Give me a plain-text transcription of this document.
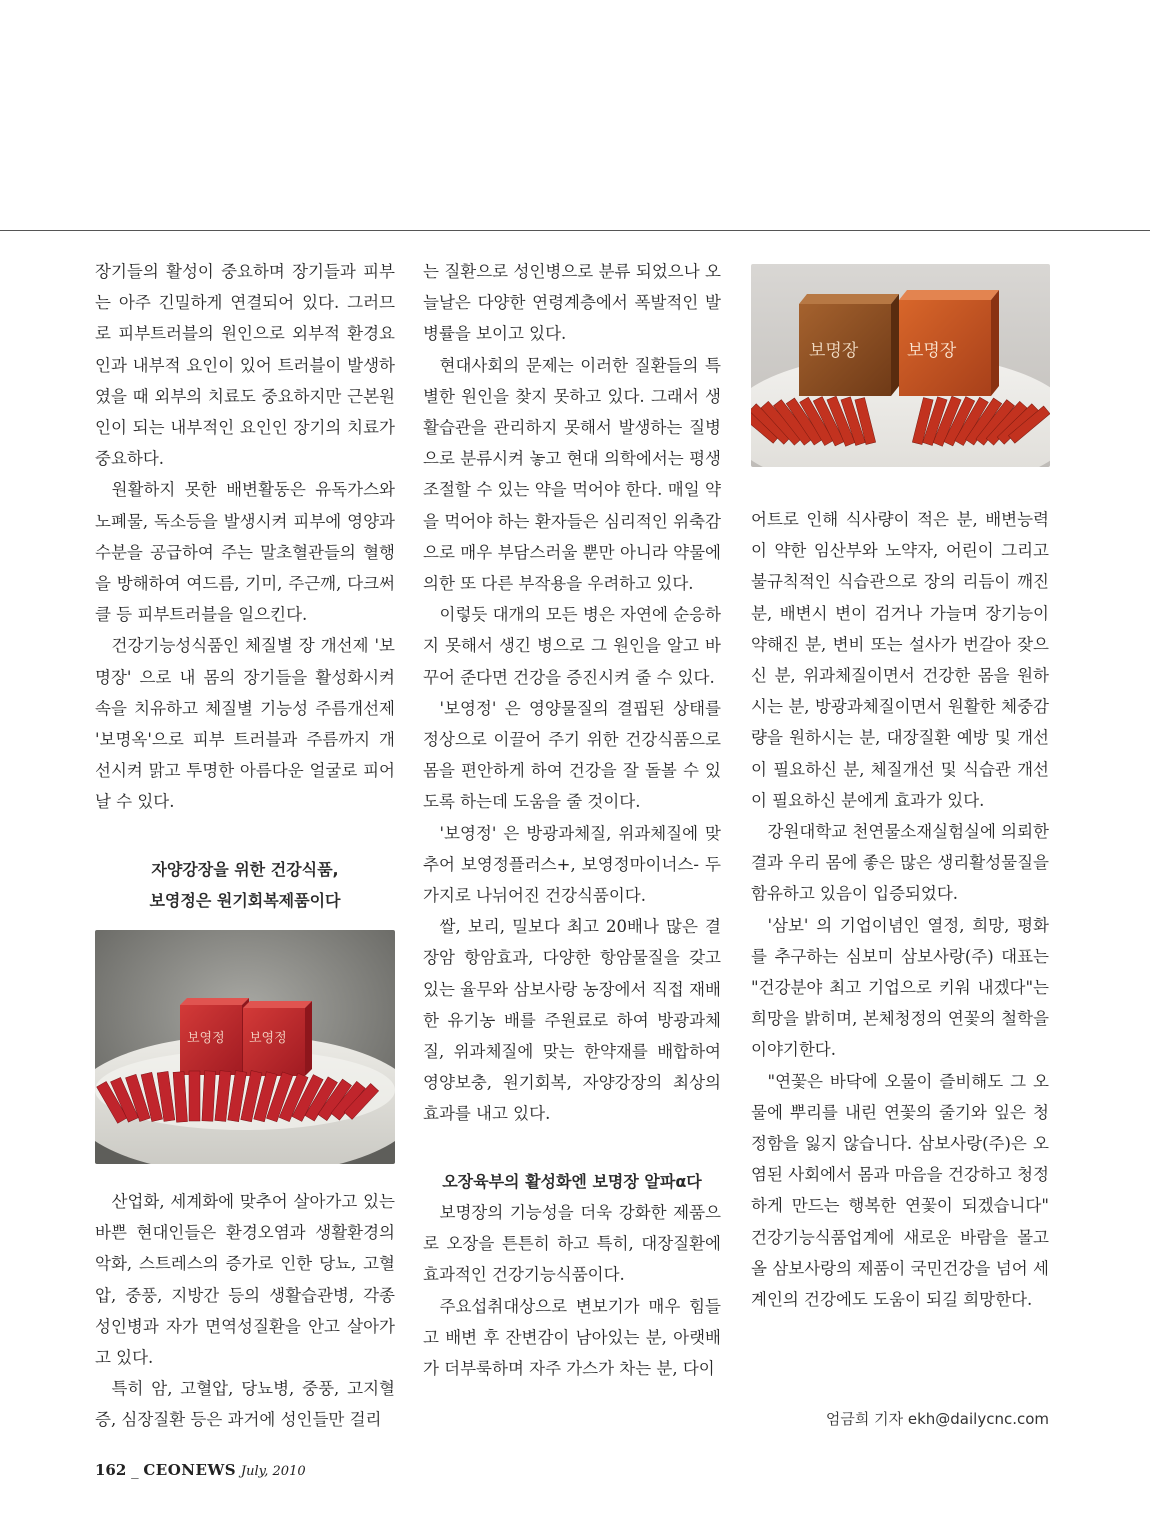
장기들의 활성이 중요하며 장기들과 피부는 아주 긴밀하게 연결되어 있다. 그러므로 피부트러블의 원인으로 외부적 환경요인과 내부적 요인이 있어 트러블이 발생하였을 때 외부의 치료도 중요하지만 근본원인이 되는 내부적인 요인인 장기의 치료가 중요하다.

원활하지 못한 배변활동은 유독가스와 노폐물, 독소등을 발생시켜 피부에 영양과 수분을 공급하여 주는 말초혈관들의 혈행을 방해하여 여드름, 기미, 주근깨, 다크써클 등 피부트러블을 일으킨다.

건강기능성식품인 체질별 장 개선제 '보명장' 으로 내 몸의 장기들을 활성화시켜 속을 치유하고 체질별 기능성 주름개선제 '보명옥'으로 피부 트러블과 주름까지 개선시켜 맑고 투명한 아름다운 얼굴로 피어날 수 있다.

자양강장을 위한 건강식품,

보영정은 원기회복제품이다

보영정 보영정

산업화, 세계화에 맞추어 살아가고 있는 바쁜 현대인들은 환경오염과 생활환경의 악화, 스트레스의 증가로 인한 당뇨, 고혈압, 중풍, 지방간 등의 생활습관병, 각종 성인병과 자가 면역성질환을 안고 살아가고 있다.

특히 암, 고혈압, 당뇨병, 중풍, 고지혈증, 심장질환 등은 과거에 성인들만 걸리

는 질환으로 성인병으로 분류 되었으나 오늘날은 다양한 연령계층에서 폭발적인 발병률을 보이고 있다.

현대사회의 문제는 이러한 질환들의 특별한 원인을 찾지 못하고 있다. 그래서 생활습관을 관리하지 못해서 발생하는 질병으로 분류시켜 놓고 현대 의학에서는 평생 조절할 수 있는 약을 먹어야 한다. 매일 약을 먹어야 하는 환자들은 심리적인 위축감으로 매우 부담스러울 뿐만 아니라 약물에 의한 또 다른 부작용을 우려하고 있다.

이렇듯 대개의 모든 병은 자연에 순응하지 못해서 생긴 병으로 그 원인을 알고 바꾸어 준다면 건강을 증진시켜 줄 수 있다.

'보영정' 은 영양물질의 결핍된 상태를 정상으로 이끌어 주기 위한 건강식품으로 몸을 편안하게 하여 건강을 잘 돌볼 수 있도록 하는데 도움을 줄 것이다.

'보영정' 은 방광과체질, 위과체질에 맞추어 보영정플러스+, 보영정마이너스- 두가지로 나뉘어진 건강식품이다.

쌀, 보리, 밀보다 최고 20배나 많은 결장암 항암효과, 다양한 항암물질을 갖고 있는 율무와 삼보사랑 농장에서 직접 재배한 유기농 배를 주원료로 하여 방광과체질, 위과체질에 맞는 한약재를 배합하여 영양보충, 원기회복, 자양강장의 최상의 효과를 내고 있다.

오장육부의 활성화엔 보명장 알파α다

보명장의 기능성을 더욱 강화한 제품으로 오장을 튼튼히 하고 특히, 대장질환에 효과적인 건강기능식품이다.

주요섭취대상으로 변보기가 매우 힘들고 배변 후 잔변감이 남아있는 분, 아랫배가 더부룩하며 자주 가스가 차는 분, 다이

보명장	보명장

어트로 인해 식사량이 적은 분, 배변능력이 약한 임산부와 노약자, 어린이 그리고 불규칙적인 식습관으로 장의 리듬이 깨진 분, 배변시 변이 검거나 가늘며 장기능이 약해진 분, 변비 또는 설사가 번갈아 잦으신 분, 위과체질이면서 건강한 몸을 원하시는 분, 방광과체질이면서 원활한 체중감량을 원하시는 분, 대장질환 예방 및 개선이 필요하신 분, 체질개선 및 식습관 개선이 필요하신 분에게 효과가 있다.

강원대학교 천연물소재실험실에 의뢰한 결과 우리 몸에 좋은 많은 생리활성물질을 함유하고 있음이 입증되었다.

'삼보' 의 기업이념인 열정, 희망, 평화를 추구하는 심보미 삼보사랑(주) 대표는 "건강분야 최고 기업으로 키워 내겠다"는 희망을 밝히며, 본체청정의 연꽃의 철학을 이야기한다.

"연꽃은 바닥에 오물이 즐비해도 그 오물에 뿌리를 내린 연꽃의 줄기와 잎은 청정함을 잃지 않습니다. 삼보사랑(주)은 오염된 사회에서 몸과 마음을 건강하고 청정하게 만드는 행복한 연꽃이 되겠습니다" 건강기능식품업계에 새로운 바람을 몰고 올 삼보사랑의 제품이 국민건강을 넘어 세계인의 건강에도 도움이 되길 희망한다.

엄금희 기자 ekh@dailycnc.com
162 _ CEONEWS July, 2010
